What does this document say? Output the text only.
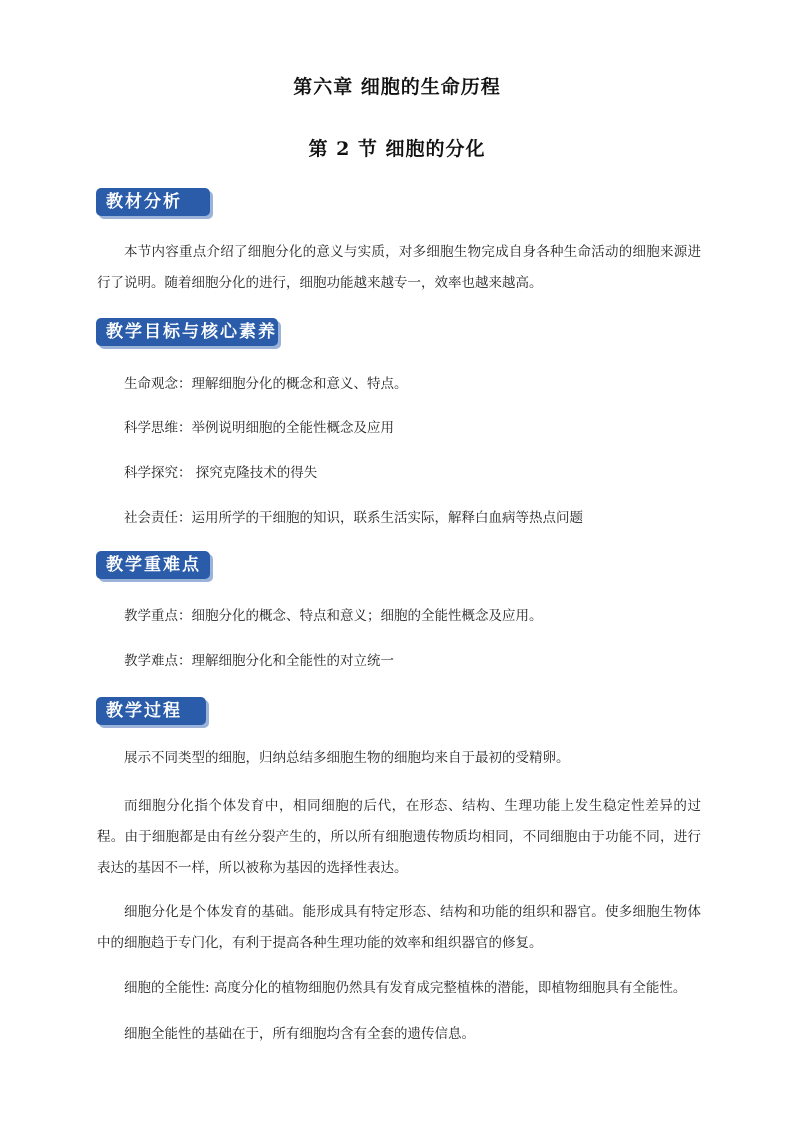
第六章 细胞的生命历程
第 2 节 细胞的分化
教材分析

本节内容重点介绍了细胞分化的意义与实质，对多细胞生物完成自身各种生命活动的细胞来源进行了说明。随着细胞分化的进行，细胞功能越来越专一，效率也越来越高。

教学目标与核心素养
生命观念：理解细胞分化的概念和意义、特点。
科学思维：举例说明细胞的全能性概念及应用
科学探究： 探究克隆技术的得失
社会责任：运用所学的干细胞的知识，联系生活实际，解释白血病等热点问题
教学重难点
教学重点：细胞分化的概念、特点和意义；细胞的全能性概念及应用。
教学难点：理解细胞分化和全能性的对立统一
教学过程

展示不同类型的细胞，归纳总结多细胞生物的细胞均来自于最初的受精卵。

而细胞分化指个体发育中，相同细胞的后代，在形态、结构、生理功能上发生稳定性差异的过程。由于细胞都是由有丝分裂产生的，所以所有细胞遗传物质均相同，不同细胞由于功能不同，进行表达的基因不一样，所以被称为基因的选择性表达。

细胞分化是个体发育的基础。能形成具有特定形态、结构和功能的组织和器官。使多细胞生物体中的细胞趋于专门化，有利于提高各种生理功能的效率和组织器官的修复。

细胞的全能性: 高度分化的植物细胞仍然具有发育成完整植株的潜能，即植物细胞具有全能性。

细胞全能性的基础在于，所有细胞均含有全套的遗传信息。
